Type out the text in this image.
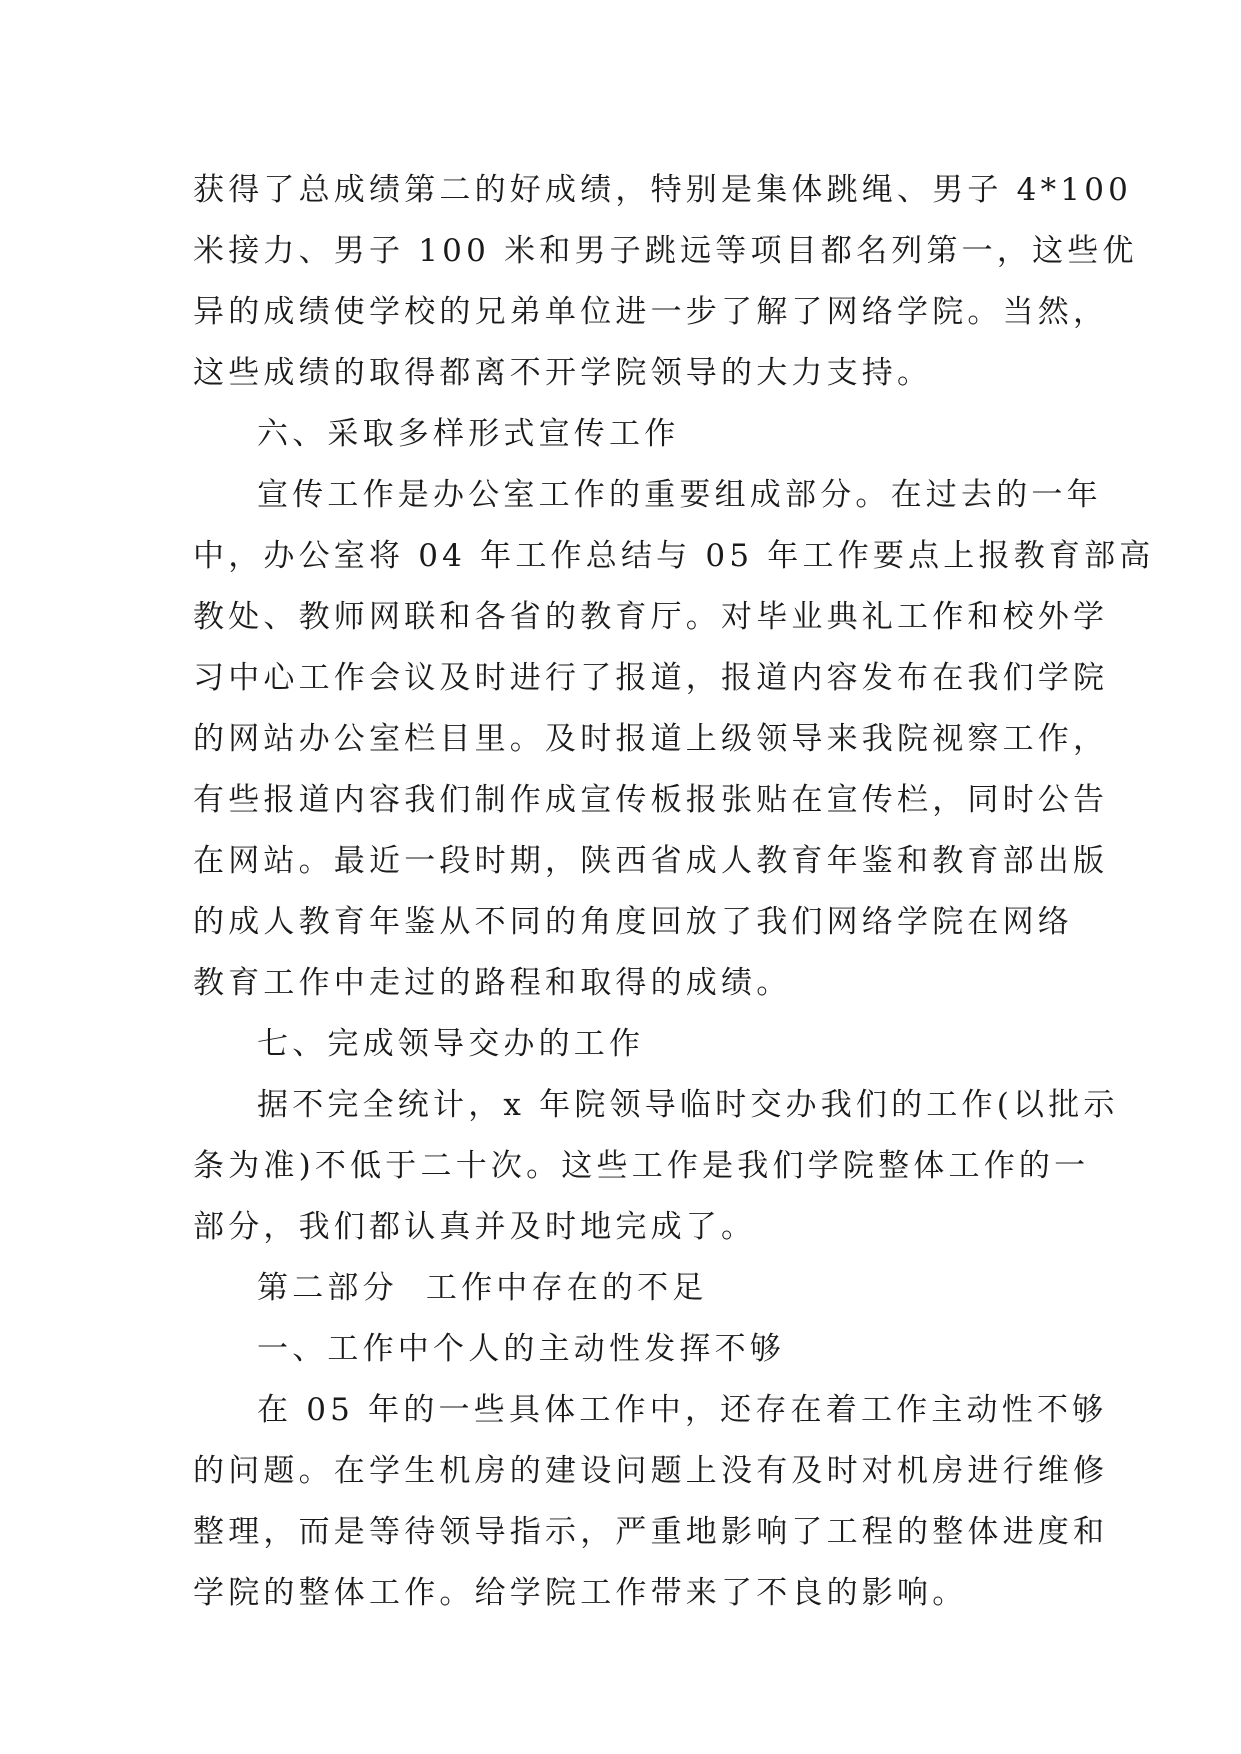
获得了总成绩第二的好成绩，特别是集体跳绳、男子 4*100

米接力、男子 100 米和男子跳远等项目都名列第一，这些优

异的成绩使学校的兄弟单位进一步了解了网络学院。当然，

这些成绩的取得都离不开学院领导的大力支持。

六、采取多样形式宣传工作

宣传工作是办公室工作的重要组成部分。在过去的一年

中，办公室将 04 年工作总结与 05 年工作要点上报教育部高

教处、教师网联和各省的教育厅。对毕业典礼工作和校外学

习中心工作会议及时进行了报道，报道内容发布在我们学院

的网站办公室栏目里。及时报道上级领导来我院视察工作，

有些报道内容我们制作成宣传板报张贴在宣传栏，同时公告

在网站。最近一段时期，陕西省成人教育年鉴和教育部出版

的成人教育年鉴从不同的角度回放了我们网络学院在网络

教育工作中走过的路程和取得的成绩。

七、完成领导交办的工作

据不完全统计，x 年院领导临时交办我们的工作(以批示

条为准)不低于二十次。这些工作是我们学院整体工作的一

部分，我们都认真并及时地完成了。

第二部分  工作中存在的不足

一、工作中个人的主动性发挥不够

在 05 年的一些具体工作中，还存在着工作主动性不够

的问题。在学生机房的建设问题上没有及时对机房进行维修

整理，而是等待领导指示，严重地影响了工程的整体进度和

学院的整体工作。给学院工作带来了不良的影响。
